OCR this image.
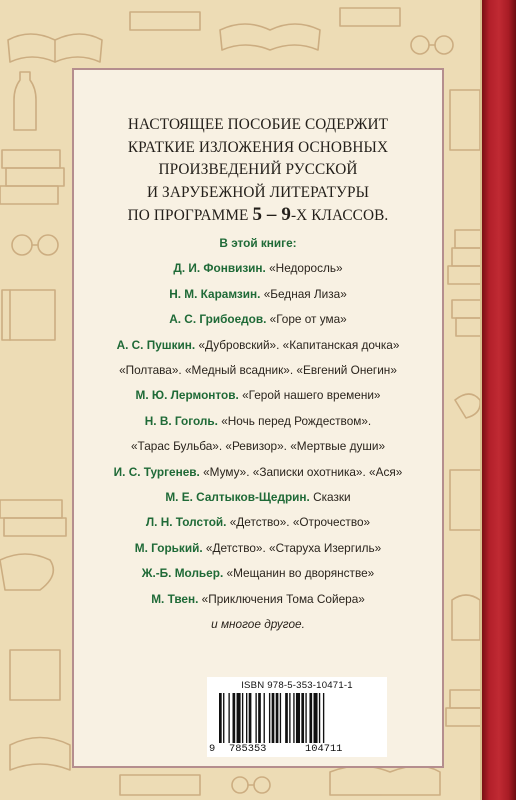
НАСТОЯЩЕЕ ПОСОБИЕ СОДЕРЖИТ
КРАТКИЕ ИЗЛОЖЕНИЯ ОСНОВНЫХ
ПРОИЗВЕДЕНИЙ РУССКОЙ
И ЗАРУБЕЖНОЙ ЛИТЕРАТУРЫ
ПО ПРОГРАММЕ 5 – 9-Х КЛАССОВ.
В этой книге:
Д. И. Фонвизин. «Недоросль»
Н. М. Карамзин. «Бедная Лиза»
А. С. Грибоедов. «Горе от ума»
А. С. Пушкин. «Дубровский». «Капитанская дочка»
«Полтава». «Медный всадник». «Евгений Онегин»
М. Ю. Лермонтов. «Герой нашего времени»
Н. В. Гоголь. «Ночь перед Рождеством».
«Тарас Бульба». «Ревизор». «Мертвые души»
И. С. Тургенев. «Муму». «Записки охотника». «Ася»
М. Е. Салтыков-Щедрин. Сказки
Л. Н. Толстой. «Детство». «Отрочество»
М. Горький. «Детство». «Старуха Изергиль»
Ж.-Б. Мольер. «Мещанин во дворянстве»
М. Твен. «Приключения Тома Сойера»
и многое другое.
ISBN 978-5-353-10471-1
9 785353	104711
